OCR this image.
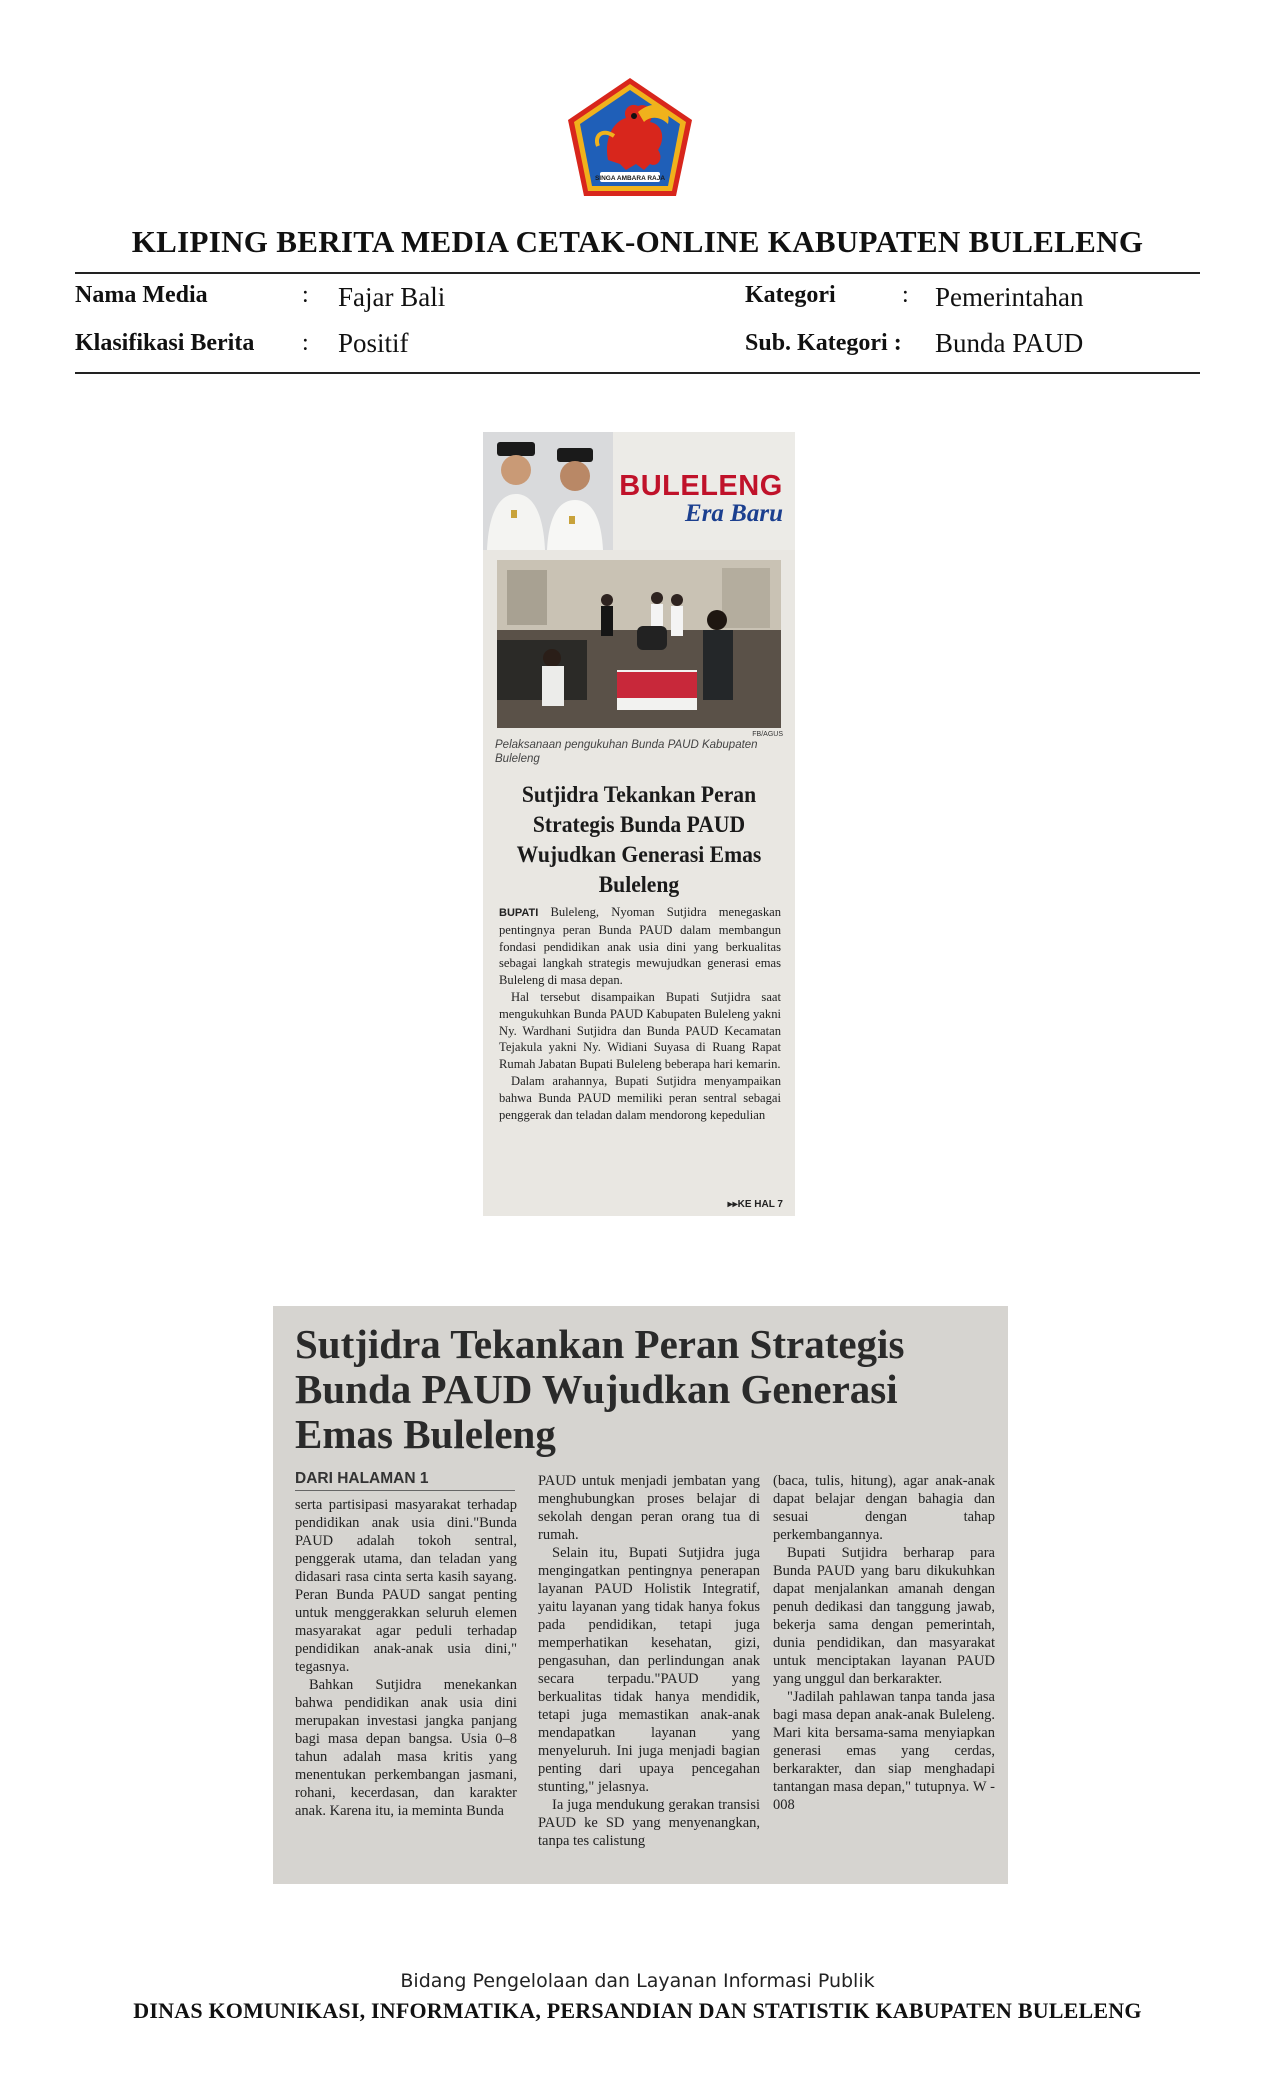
SINGA AMBARA RAJA
KLIPING BERITA MEDIA CETAK-ONLINE KABUPATEN BULELENG
Nama Media	: Fajar Bali
Klasifikasi Berita : Positif
Kategori	: Pemerintahan
Sub. Kategori : Bunda PAUD
BULELENG
Era Baru
FB/AGUS
Pelaksanaan pengukuhan Bunda PAUD Kabupaten Buleleng
Sutjidra Tekankan Peran Strategis Bunda PAUD Wujudkan Generasi Emas Buleleng

BUPATI Buleleng, Nyoman Sutjidra menegaskan pentingnya peran Bunda PAUD dalam membangun fondasi pendidikan anak usia dini yang berkualitas sebagai langkah strategis mewujudkan generasi emas Buleleng di masa depan.

Hal tersebut disampaikan Bupati Sutjidra saat mengukuhkan Bunda PAUD Kabupaten Buleleng yakni Ny. Wardhani Sutjidra dan Bunda PAUD Kecamatan Tejakula yakni Ny. Widiani Suyasa di Ruang Rapat Rumah Jabatan Bupati Buleleng beberapa hari kemarin.

Dalam arahannya, Bupati Sutjidra menyampaikan bahwa Bunda PAUD memiliki peran sentral sebagai penggerak dan teladan dalam mendorong kepedulian

▸▸KE HAL 7
Sutjidra Tekankan Peran Strategis Bunda PAUD Wujudkan Generasi Emas Buleleng
DARI HALAMAN 1

serta partisipasi masyarakat terhadap pendidikan anak usia dini."Bunda PAUD adalah tokoh sentral, penggerak utama, dan teladan yang didasari rasa cinta serta kasih sayang. Peran Bunda PAUD sangat penting untuk menggerakkan seluruh elemen masyarakat agar peduli terhadap pendidikan anak-anak usia dini," tegasnya.

Bahkan Sutjidra menekankan bahwa pendidikan anak usia dini merupakan investasi jangka panjang bagi masa depan bangsa. Usia 0–8 tahun adalah masa kritis yang menentukan perkembangan jasmani, rohani, kecerdasan, dan karakter anak. Karena itu, ia meminta Bunda

PAUD untuk menjadi jembatan yang menghubungkan proses belajar di sekolah dengan peran orang tua di rumah.

Selain itu, Bupati Sutjidra juga mengingatkan pentingnya penerapan layanan PAUD Holistik Integratif, yaitu layanan yang tidak hanya fokus pada pendidikan, tetapi juga memperhatikan kesehatan, gizi, pengasuhan, dan perlindungan anak secara terpadu."PAUD yang berkualitas tidak hanya mendidik, tetapi juga memastikan anak-anak mendapatkan layanan yang menyeluruh. Ini juga menjadi bagian penting dari upaya pencegahan stunting," jelasnya.

Ia juga mendukung gerakan transisi PAUD ke SD yang menyenangkan, tanpa tes calistung

(baca, tulis, hitung), agar anak-anak dapat belajar dengan bahagia dan sesuai dengan tahap perkembangannya.

Bupati Sutjidra berharap para Bunda PAUD yang baru dikukuhkan dapat menjalankan amanah dengan penuh dedikasi dan tanggung jawab, bekerja sama dengan pemerintah, dunia pendidikan, dan masyarakat untuk menciptakan layanan PAUD yang unggul dan berkarakter.

"Jadilah pahlawan tanpa tanda jasa bagi masa depan anak-anak Buleleng. Mari kita bersama-sama menyiapkan generasi emas yang cerdas, berkarakter, dan siap menghadapi tantangan masa depan," tutupnya. W - 008

Bidang Pengelolaan dan Layanan Informasi Publik
DINAS KOMUNIKASI, INFORMATIKA, PERSANDIAN DAN STATISTIK KABUPATEN BULELENG
